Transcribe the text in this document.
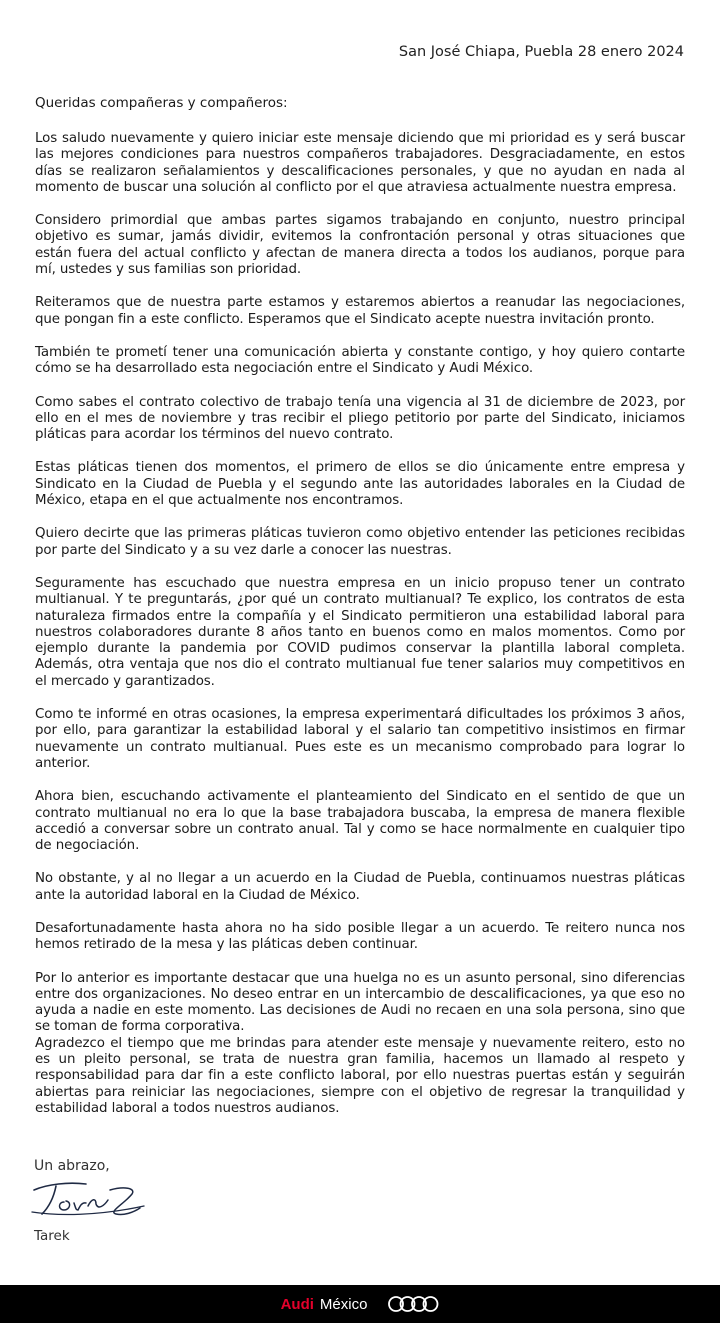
San José Chiapa, Puebla 28 enero 2024
Queridas compañeras y compañeros:

Los saludo nuevamente y quiero iniciar este mensaje diciendo que mi prioridad es y será buscar las mejores condiciones para nuestros compañeros trabajadores. Desgraciadamente, en estos días se realizaron señalamientos y descalificaciones personales, y que no ayudan en nada al momento de buscar una solución al conflicto por el que atraviesa actualmente nuestra empresa.

Considero primordial que ambas partes sigamos trabajando en conjunto, nuestro principal objetivo es sumar, jamás dividir, evitemos la confrontación personal y otras situaciones que están fuera del actual conflicto y afectan de manera directa a todos los audianos, porque para mí, ustedes y sus familias son prioridad.

Reiteramos que de nuestra parte estamos y estaremos abiertos a reanudar las negociaciones, que pongan fin a este conflicto. Esperamos que el Sindicato acepte nuestra invitación pronto.

También te prometí tener una comunicación abierta y constante contigo, y hoy quiero contarte cómo se ha desarrollado esta negociación entre el Sindicato y Audi México.

Como sabes el contrato colectivo de trabajo tenía una vigencia al 31 de diciembre de 2023, por ello en el mes de noviembre y tras recibir el pliego petitorio por parte del Sindicato, iniciamos pláticas para acordar los términos del nuevo contrato.

Estas pláticas tienen dos momentos, el primero de ellos se dio únicamente entre empresa y Sindicato en la Ciudad de Puebla y el segundo ante las autoridades laborales en la Ciudad de México, etapa en el que actualmente nos encontramos.

Quiero decirte que las primeras pláticas tuvieron como objetivo entender las peticiones recibidas por parte del Sindicato y a su vez darle a conocer las nuestras.

Seguramente has escuchado que nuestra empresa en un inicio propuso tener un contrato multianual. Y te preguntarás, ¿por qué un contrato multianual? Te explico, los contratos de esta naturaleza firmados entre la compañía y el Sindicato permitieron una estabilidad laboral para nuestros colaboradores durante 8 años tanto en buenos como en malos momentos. Como por ejemplo durante la pandemia por COVID pudimos conservar la plantilla laboral completa. Además, otra ventaja que nos dio el contrato multianual fue tener salarios muy competitivos en el mercado y garantizados.

Como te informé en otras ocasiones, la empresa experimentará dificultades los próximos 3 años, por ello, para garantizar la estabilidad laboral y el salario tan competitivo insistimos en firmar nuevamente un contrato multianual. Pues este es un mecanismo comprobado para lograr lo anterior.

Ahora bien, escuchando activamente el planteamiento del Sindicato en el sentido de que un contrato multianual no era lo que la base trabajadora buscaba, la empresa de manera flexible accedió a conversar sobre un contrato anual. Tal y como se hace normalmente en cualquier tipo de negociación.

No obstante, y al no llegar a un acuerdo en la Ciudad de Puebla, continuamos nuestras pláticas ante la autoridad laboral en la Ciudad de México.

Desafortunadamente hasta ahora no ha sido posible llegar a un acuerdo. Te reitero nunca nos hemos retirado de la mesa y las pláticas deben continuar.

Por lo anterior es importante destacar que una huelga no es un asunto personal, sino diferencias entre dos organizaciones. No deseo entrar en un intercambio de descalificaciones, ya que eso no ayuda a nadie en este momento. Las decisiones de Audi no recaen en una sola persona, sino que se toman de forma corporativa.

Agradezco el tiempo que me brindas para atender este mensaje y nuevamente reitero, esto no es un pleito personal, se trata de nuestra gran familia, hacemos un llamado al respeto y responsabilidad para dar fin a este conflicto laboral, por ello nuestras puertas están y seguirán abiertas para reiniciar las negociaciones, siempre con el objetivo de regresar la tranquilidad y estabilidad laboral a todos nuestros audianos.

Un abrazo,
Tarek
Audi México
